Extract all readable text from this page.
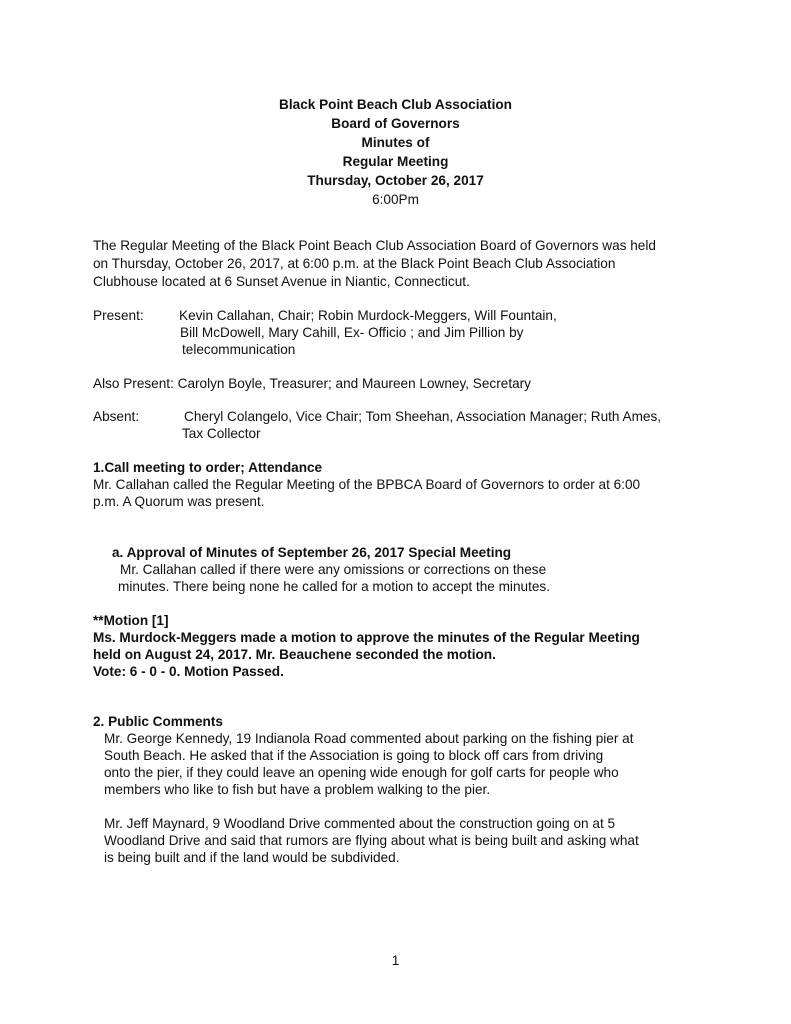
Black Point Beach Club Association
Board of Governors
Minutes of
Regular Meeting
Thursday, October 26, 2017
6:00Pm
The Regular Meeting of the Black Point Beach Club Association Board of Governors was held
on Thursday, October 26, 2017, at 6:00 p.m. at the Black Point Beach Club Association
Clubhouse located at 6 Sunset Avenue in Niantic, Connecticut.
Present:	Kevin Callahan, Chair; Robin Murdock-Meggers, Will Fountain,
Bill McDowell, Mary Cahill, Ex- Officio ; and Jim Pillion by
telecommunication
Also Present: Carolyn Boyle, Treasurer; and Maureen Lowney, Secretary
Absent:	Cheryl Colangelo, Vice Chair; Tom Sheehan, Association Manager; Ruth Ames,
Tax Collector
1.Call meeting to order; Attendance
Mr. Callahan called the Regular Meeting of the BPBCA Board of Governors to order at 6:00
p.m. A Quorum was present.
a. Approval of Minutes of September 26, 2017 Special Meeting
Mr. Callahan called if there were any omissions or corrections on these
minutes. There being none he called for a motion to accept the minutes.
**Motion [1]
Ms. Murdock-Meggers made a motion to approve the minutes of the Regular Meeting
held on August 24, 2017. Mr. Beauchene seconded the motion.
Vote: 6 - 0 - 0. Motion Passed.
2. Public Comments
Mr. George Kennedy, 19 Indianola Road commented about parking on the fishing pier at
South Beach. He asked that if the Association is going to block off cars from driving
onto the pier, if they could leave an opening wide enough for golf carts for people who
members who like to fish but have a problem walking to the pier.
Mr. Jeff Maynard, 9 Woodland Drive commented about the construction going on at 5
Woodland Drive and said that rumors are flying about what is being built and asking what
is being built and if the land would be subdivided.
1
